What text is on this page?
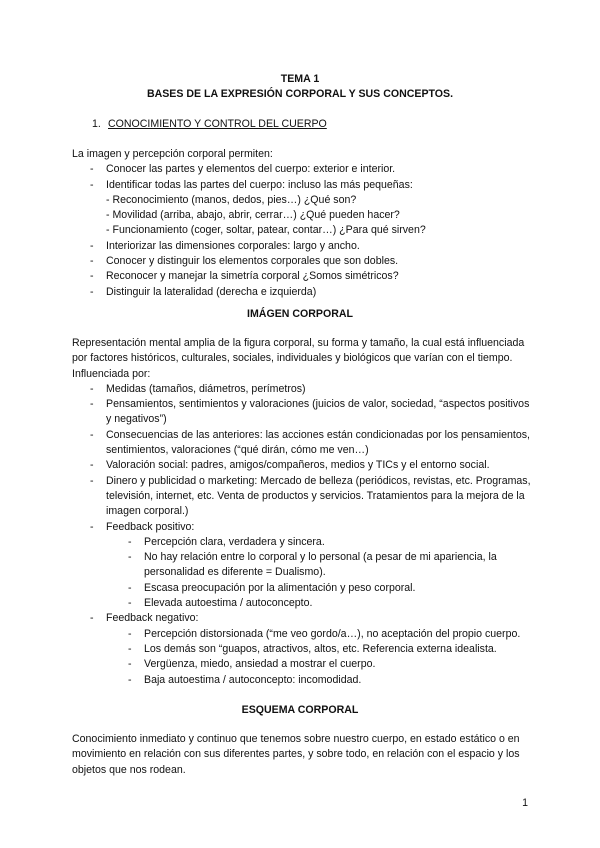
TEMA 1
BASES DE LA EXPRESIÓN CORPORAL Y SUS CONCEPTOS.
1. CONOCIMIENTO Y CONTROL DEL CUERPO
La imagen y percepción corporal permiten:
- Conocer las partes y elementos del cuerpo: exterior e interior.
- Identificar todas las partes del cuerpo: incluso las más pequeñas:
- Reconocimiento (manos, dedos, pies…) ¿Qué son?
- Movilidad (arriba, abajo, abrir, cerrar…) ¿Qué pueden hacer?
- Funcionamiento (coger, soltar, patear, contar…) ¿Para qué sirven?
- Interiorizar las dimensiones corporales: largo y ancho.
- Conocer y distinguir los elementos corporales que son dobles.
- Reconocer y manejar la simetría corporal ¿Somos simétricos?
- Distinguir la lateralidad (derecha e izquierda)
IMÁGEN CORPORAL
Representación mental amplia de la figura corporal, su forma y tamaño, la cual está influenciada por factores históricos, culturales, sociales, individuales y biológicos que varían con el tiempo. Influenciada por:
- Medidas (tamaños, diámetros, perímetros)
- Pensamientos, sentimientos y valoraciones (juicios de valor, sociedad, “aspectos positivos y negativos”)
- Consecuencias de las anteriores: las acciones están condicionadas por los pensamientos, sentimientos, valoraciones (“qué dirán, cómo me ven…)
- Valoración social: padres, amigos/compañeros, medios y TICs y el entorno social.
- Dinero y publicidad o marketing: Mercado de belleza (periódicos, revistas, etc. Programas, televisión, internet, etc. Venta de productos y servicios. Tratamientos para la mejora de la imagen corporal.)
- Feedback positivo:
- Percepción clara, verdadera y sincera.
- No hay relación entre lo corporal y lo personal (a pesar de mi apariencia, la personalidad es diferente = Dualismo).
- Escasa preocupación por la alimentación y peso corporal.
- Elevada autoestima / autoconcepto.
- Feedback negativo:
- Percepción distorsionada (“me veo gordo/a…), no aceptación del propio cuerpo.
- Los demás son “guapos, atractivos, altos, etc. Referencia externa idealista.
- Vergüenza, miedo, ansiedad a mostrar el cuerpo.
- Baja autoestima / autoconcepto: incomodidad.
ESQUEMA CORPORAL
Conocimiento inmediato y continuo que tenemos sobre nuestro cuerpo, en estado estático o en movimiento en relación con sus diferentes partes, y sobre todo, en relación con el espacio y los objetos que nos rodean.
1
